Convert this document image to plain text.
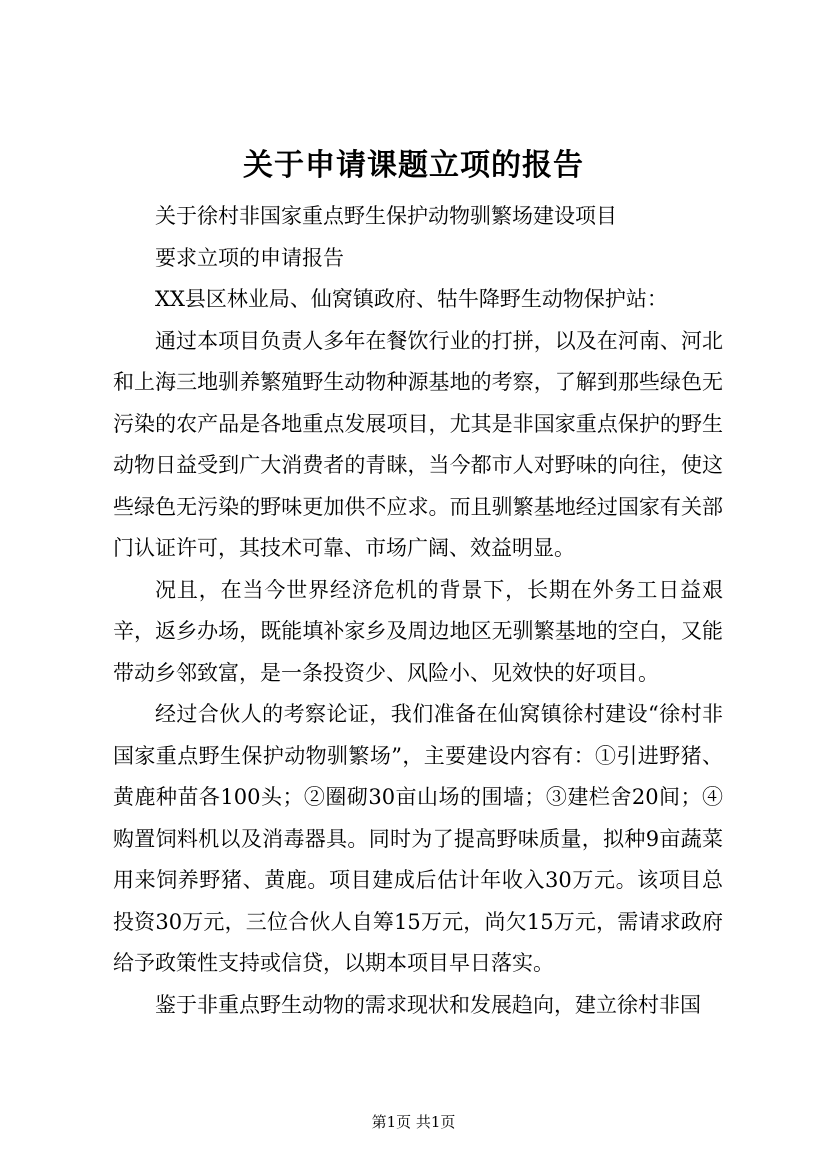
关于申请课题立项的报告

关于徐村非国家重点野生保护动物驯繁场建设项目

要求立项的申请报告

XX县区林业局、仙窝镇政府、牯牛降野生动物保护站：

通过本项目负责人多年在餐饮行业的打拼，以及在河南、河北和上海三地驯养繁殖野生动物种源基地的考察，了解到那些绿色无污染的农产品是各地重点发展项目，尤其是非国家重点保护的野生动物日益受到广大消费者的青睐，当今都市人对野味的向往，使这些绿色无污染的野味更加供不应求。而且驯繁基地经过国家有关部门认证许可，其技术可靠、市场广阔、效益明显。

况且，在当今世界经济危机的背景下，长期在外务工日益艰辛，返乡办场，既能填补家乡及周边地区无驯繁基地的空白，又能带动乡邻致富，是一条投资少、风险小、见效快的好项目。

经过合伙人的考察论证，我们准备在仙窝镇徐村建设“徐村非国家重点野生保护动物驯繁场”，主要建设内容有：①引进野猪、黄鹿种苗各100头；②圈砌30亩山场的围墙；③建栏舍20间；④购置饲料机以及消毒器具。同时为了提高野味质量，拟种9亩蔬菜用来饲养野猪、黄鹿。项目建成后估计年收入30万元。该项目总投资30万元，三位合伙人自筹15万元，尚欠15万元，需请求政府给予政策性支持或信贷，以期本项目早日落实。

鉴于非重点野生动物的需求现状和发展趋向，建立徐村非国

第1页 共1页
